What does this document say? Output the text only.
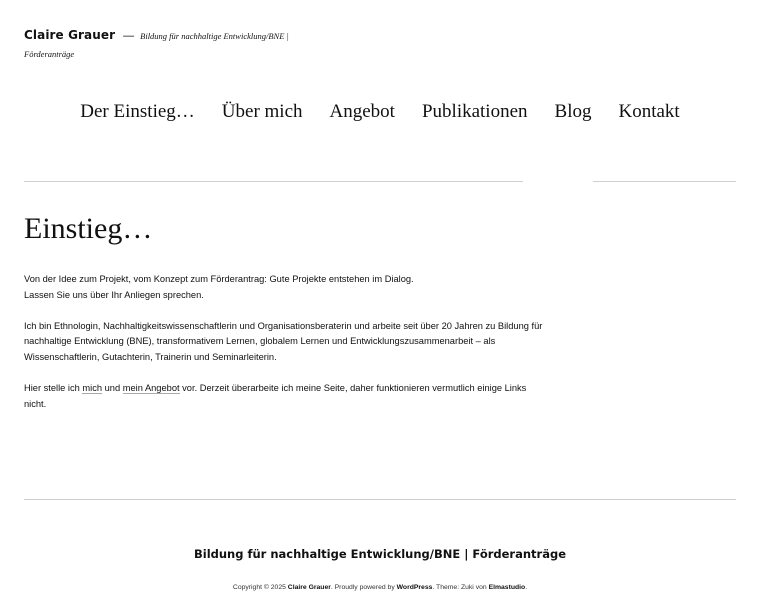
Claire Grauer — Bildung für nachhaltige Entwicklung/BNE | Förderanträge
Der Einstieg… Über mich Angebot Publikationen Blog Kontakt
Einstieg…

Von der Idee zum Projekt, vom Konzept zum Förderantrag: Gute Projekte entstehen im Dialog.
Lassen Sie uns über Ihr Anliegen sprechen.

Ich bin Ethnologin, Nachhaltigkeitswissenschaftlerin und Organisationsberaterin und arbeite seit über 20 Jahren zu Bildung für nachhaltige Entwicklung (BNE), transformativem Lernen, globalem Lernen und Entwicklungszusammenarbeit – als Wissenschaftlerin, Gutachterin, Trainerin und Seminarleiterin.

Hier stelle ich mich und mein Angebot vor. Derzeit überarbeite ich meine Seite, daher funktionieren vermutlich einige Links nicht.

Bildung für nachhaltige Entwicklung/BNE | Förderanträge
Copyright © 2025 Claire Grauer. Proudly powered by WordPress. Theme: Zuki von Elmastudio.
